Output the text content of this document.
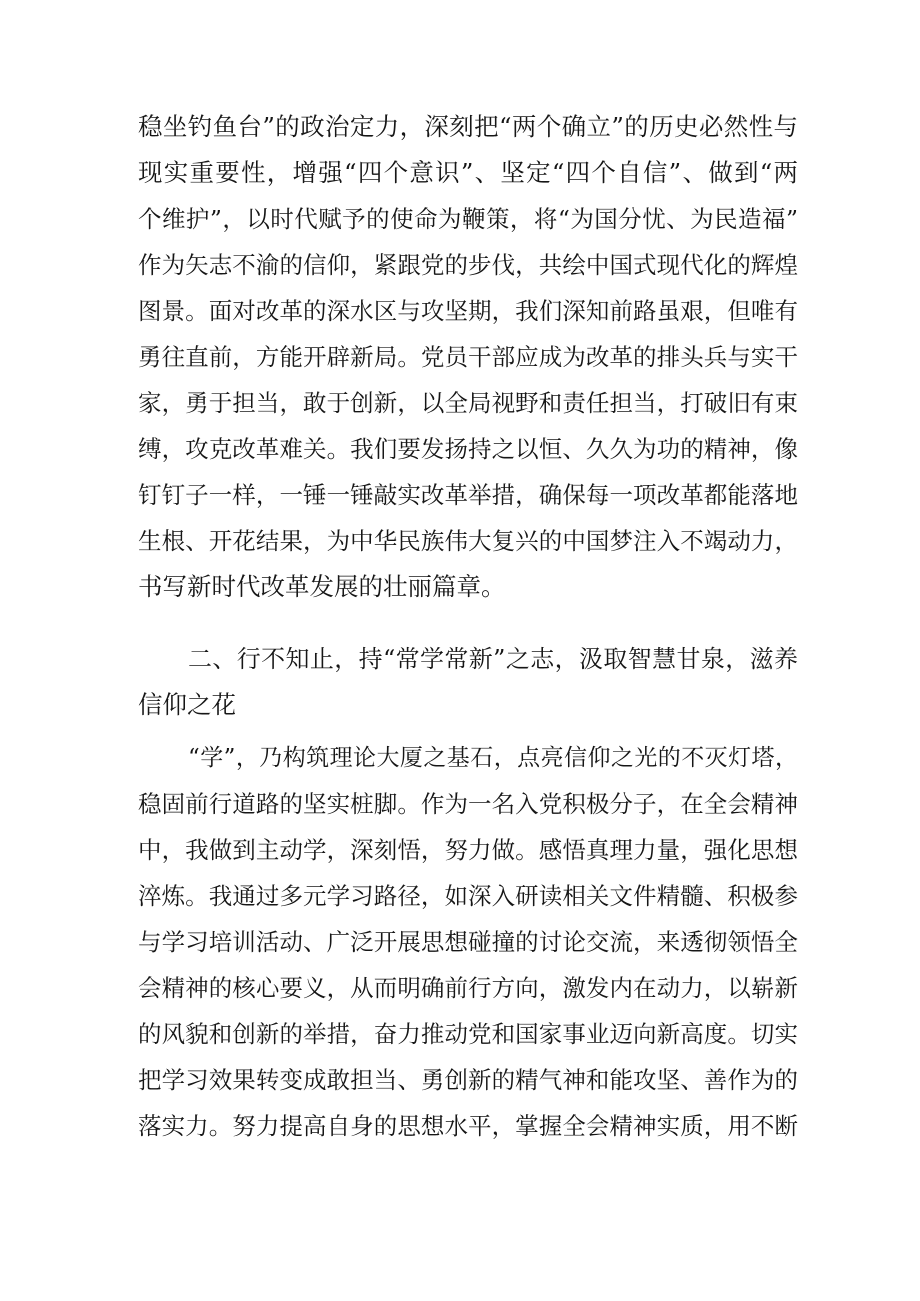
稳坐钓鱼台”的政治定力，深刻把“两个确立”的历史必然性与
现实重要性，增强“四个意识”、坚定“四个自信”、做到“两
个维护”，以时代赋予的使命为鞭策，将“为国分忧、为民造福”
作为矢志不渝的信仰，紧跟党的步伐，共绘中国式现代化的辉煌
图景。面对改革的深水区与攻坚期，我们深知前路虽艰，但唯有
勇往直前，方能开辟新局。党员干部应成为改革的排头兵与实干
家，勇于担当，敢于创新，以全局视野和责任担当，打破旧有束
缚，攻克改革难关。我们要发扬持之以恒、久久为功的精神，像
钉钉子一样，一锤一锤敲实改革举措，确保每一项改革都能落地
生根、开花结果，为中华民族伟大复兴的中国梦注入不竭动力，
书写新时代改革发展的壮丽篇章。
二、行不知止，持“常学常新”之志，汲取智慧甘泉，滋养
信仰之花
“学”，乃构筑理论大厦之基石，点亮信仰之光的不灭灯塔，
稳固前行道路的坚实桩脚。作为一名入党积极分子，在全会精神
中，我做到主动学，深刻悟，努力做。感悟真理力量，强化思想
淬炼。我通过多元学习路径，如深入研读相关文件精髓、积极参
与学习培训活动、广泛开展思想碰撞的讨论交流，来透彻领悟全
会精神的核心要义，从而明确前行方向，激发内在动力，以崭新
的风貌和创新的举措，奋力推动党和国家事业迈向新高度。切实
把学习效果转变成敢担当、勇创新的精气神和能攻坚、善作为的
落实力。努力提高自身的思想水平，掌握全会精神实质，用不断
